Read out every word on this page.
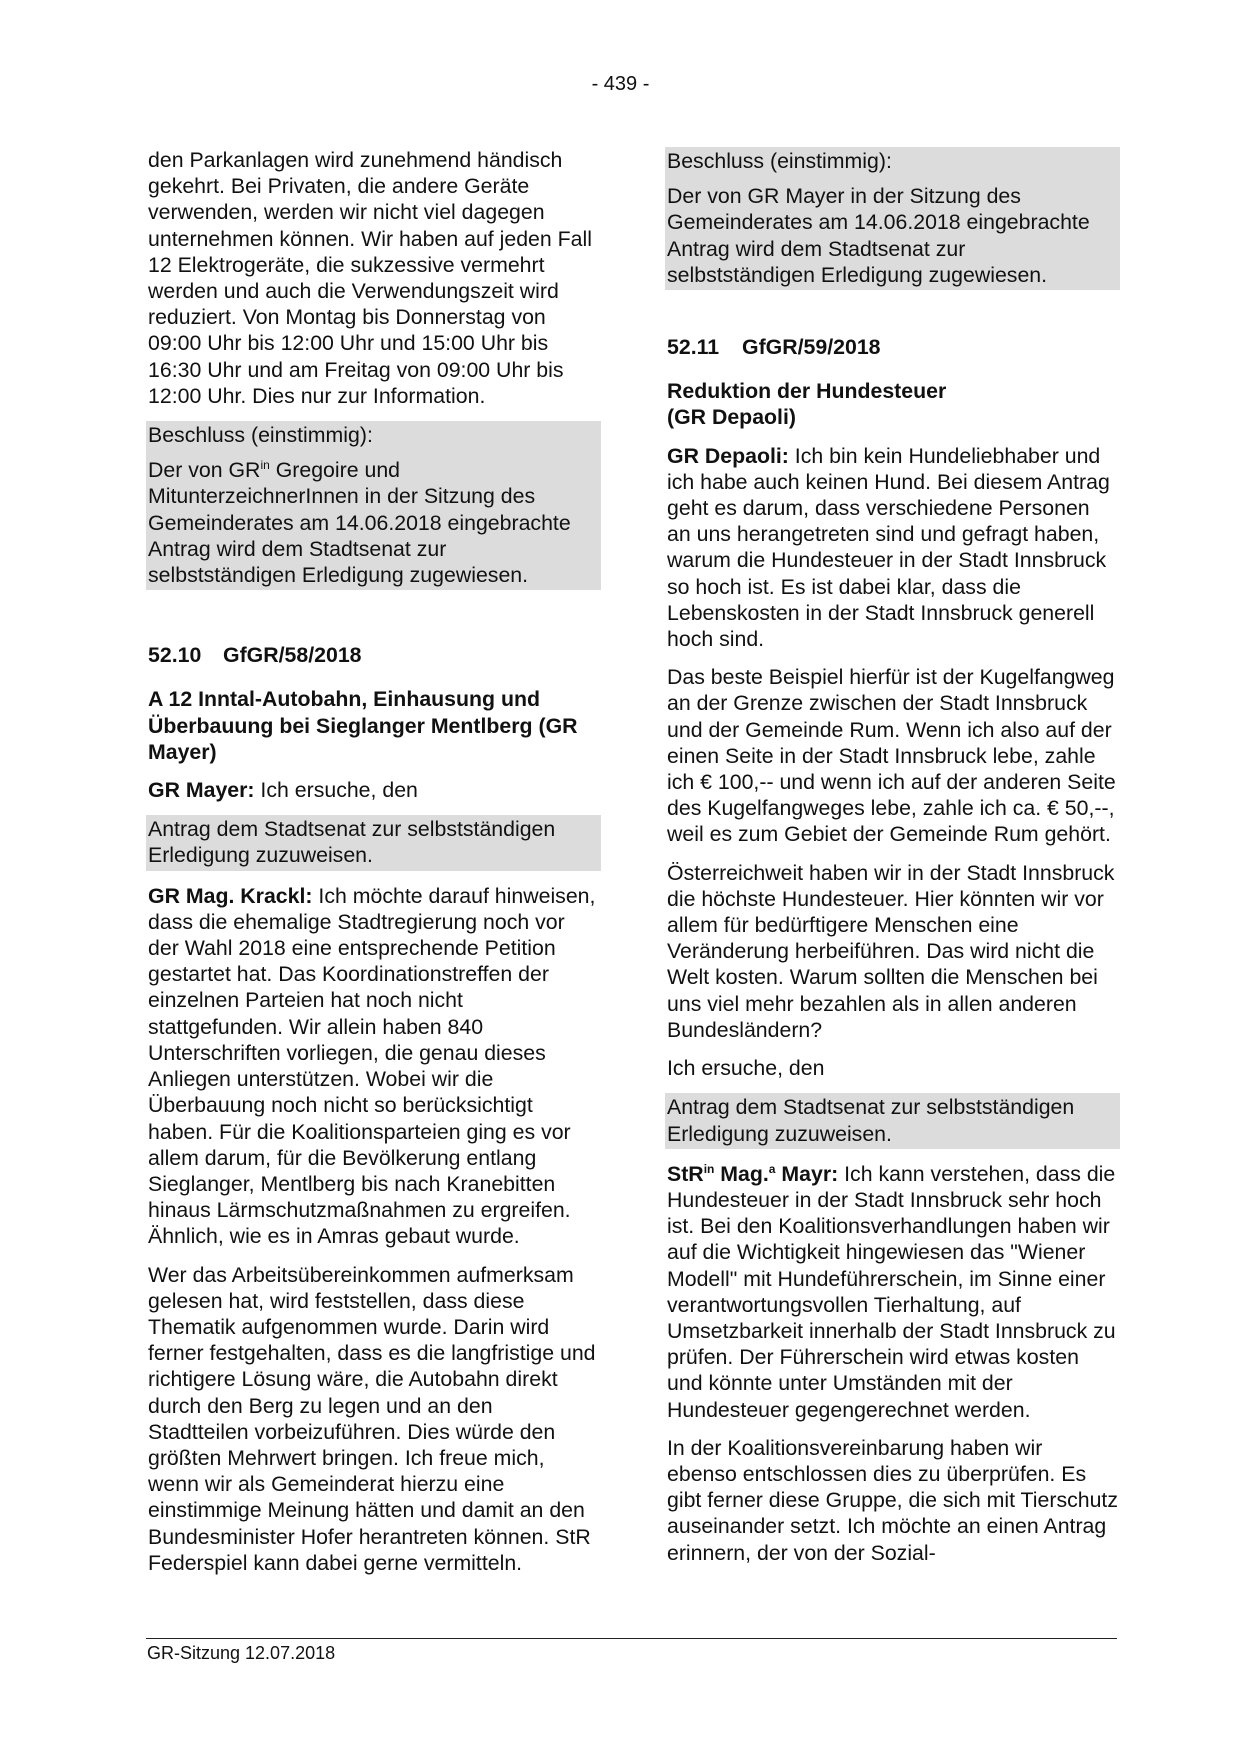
- 439 -

den Parkanlagen wird zunehmend händisch gekehrt. Bei Privaten, die andere Geräte verwenden, werden wir nicht viel dagegen unternehmen können. Wir haben auf jeden Fall 12 Elektrogeräte, die sukzessive vermehrt werden und auch die Verwendungszeit wird reduziert. Von Montag bis Donnerstag von 09:00 Uhr bis 12:00 Uhr und 15:00 Uhr bis 16:30 Uhr und am Freitag von 09:00 Uhr bis 12:00 Uhr. Dies nur zur Information.

Beschluss (einstimmig):

Der von $GR^{in}$ Gregoire und MitunterzeichnerInnen in der Sitzung des Gemeinderates am 14.06.2018 eingebrachte Antrag wird dem Stadtsenat zur selbstständigen Erledigung zugewiesen.

52.10	GfGR/58/2018

A 12 Inntal-Autobahn, Einhausung und Überbauung bei Sieglanger Mentlberg (GR Mayer)

GR Mayer: Ich ersuche, den

Antrag dem Stadtsenat zur selbstständigen Erledigung zuzuweisen.

GR Mag. Krackl: Ich möchte darauf hinweisen, dass die ehemalige Stadtregierung noch vor der Wahl 2018 eine entsprechende Petition gestartet hat. Das Koordinationstreffen der einzelnen Parteien hat noch nicht stattgefunden. Wir allein haben 840 Unterschriften vorliegen, die genau dieses Anliegen unterstützen. Wobei wir die Überbauung noch nicht so berücksichtigt haben. Für die Koalitionsparteien ging es vor allem darum, für die Bevölkerung entlang Sieglanger, Mentlberg bis nach Kranebitten hinaus Lärmschutzmaßnahmen zu ergreifen. Ähnlich, wie es in Amras gebaut wurde.

Wer das Arbeitsübereinkommen aufmerksam gelesen hat, wird feststellen, dass diese Thematik aufgenommen wurde. Darin wird ferner festgehalten, dass es die langfristige und richtigere Lösung wäre, die Autobahn direkt durch den Berg zu legen und an den Stadtteilen vorbeizuführen. Dies würde den größten Mehrwert bringen. Ich freue mich, wenn wir als Gemeinderat hierzu eine einstimmige Meinung hätten und damit an den Bundesminister Hofer herantreten können. StR Federspiel kann dabei gerne vermitteln.

Beschluss (einstimmig):

Der von GR Mayer in der Sitzung des Gemeinderates am 14.06.2018 eingebrachte Antrag wird dem Stadtsenat zur selbstständigen Erledigung zugewiesen.

52.11	GfGR/59/2018

Reduktion der Hundesteuer
(GR Depaoli)

GR Depaoli: Ich bin kein Hundeliebhaber und ich habe auch keinen Hund. Bei diesem Antrag geht es darum, dass verschiedene Personen an uns herangetreten sind und gefragt haben, warum die Hundesteuer in der Stadt Innsbruck so hoch ist. Es ist dabei klar, dass die Lebenskosten in der Stadt Innsbruck generell hoch sind.

Das beste Beispiel hierfür ist der Kugelfangweg an der Grenze zwischen der Stadt Innsbruck und der Gemeinde Rum. Wenn ich also auf der einen Seite in der Stadt Innsbruck lebe, zahle ich € 100,-- und wenn ich auf der anderen Seite des Kugelfangweges lebe, zahle ich ca. € 50,--, weil es zum Gebiet der Gemeinde Rum gehört.

Österreichweit haben wir in der Stadt Innsbruck die höchste Hundesteuer. Hier könnten wir vor allem für bedürftigere Menschen eine Veränderung herbeiführen. Das wird nicht die Welt kosten. Warum sollten die Menschen bei uns viel mehr bezahlen als in allen anderen Bundesländern?

Ich ersuche, den

Antrag dem Stadtsenat zur selbstständigen Erledigung zuzuweisen.

StR$^{in}$ Mag.$^a$ Mayr: Ich kann verstehen, dass die Hundesteuer in der Stadt Innsbruck sehr hoch ist. Bei den Koalitionsverhandlungen haben wir auf die Wichtigkeit hingewiesen das "Wiener Modell" mit Hundeführerschein, im Sinne einer verantwortungsvollen Tierhaltung, auf Umsetzbarkeit innerhalb der Stadt Innsbruck zu prüfen. Der Führerschein wird etwas kosten und könnte unter Umständen mit der Hundesteuer gegengerechnet werden.

In der Koalitionsvereinbarung haben wir ebenso entschlossen dies zu überprüfen. Es gibt ferner diese Gruppe, die sich mit Tierschutz auseinander setzt. Ich möchte an einen Antrag erinnern, der von der Sozial-

GR-Sitzung 12.07.2018
